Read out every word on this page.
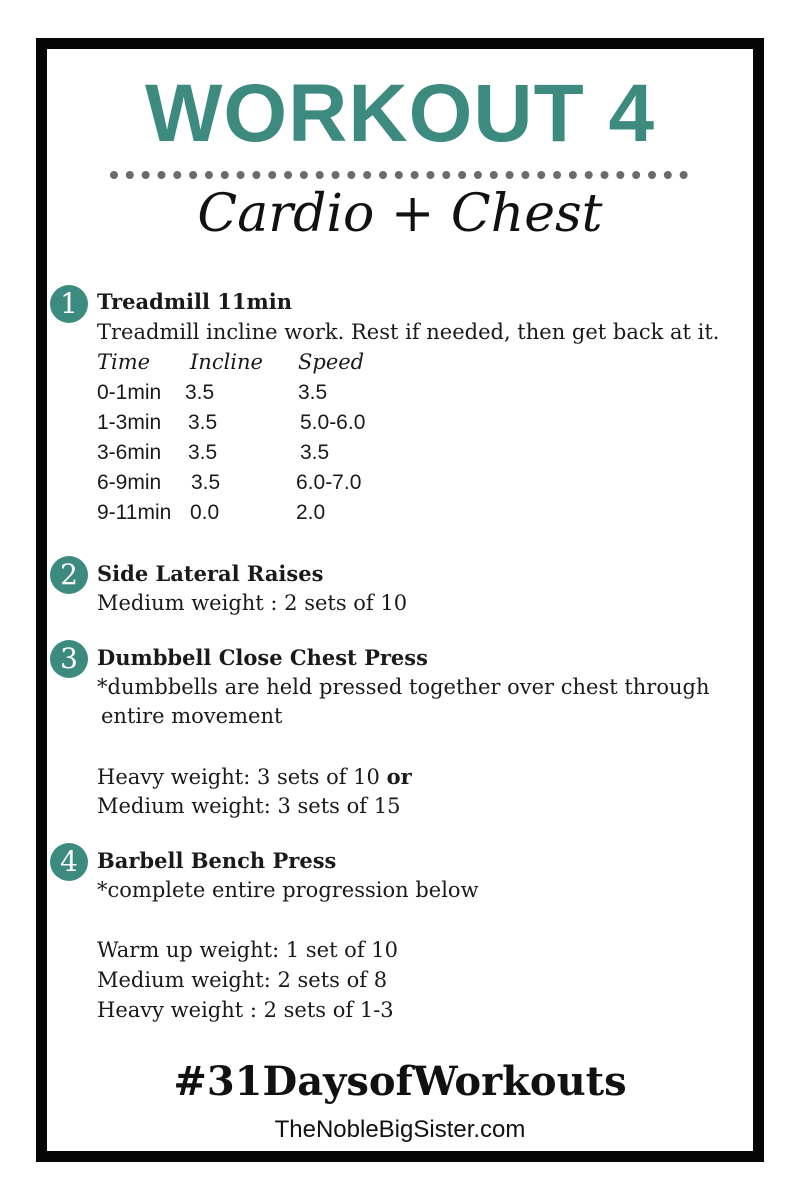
WORKOUT 4
Cardio + Chest
1 Treadmill 11min
Treadmill incline work. Rest if needed, then get back at it.
Time Incline Speed
0-1min 3.5	3.5
1-3min 3.5	5.0-6.0
3-6min 3.5	3.5
6-9min 3.5	6.0-7.0
9-11min 0.0	2.0
2 Side Lateral Raises
Medium weight : 2 sets of 10
3 Dumbbell Close Chest Press
*dumbbells are held pressed together over chest through
entire movement
Heavy weight: 3 sets of 10 or
Medium weight: 3 sets of 15
4 Barbell Bench Press
*complete entire progression below
Warm up weight: 1 set of 10
Medium weight: 2 sets of 8
Heavy weight : 2 sets of 1-3
#31DaysofWorkouts
TheNobleBigSister.com
